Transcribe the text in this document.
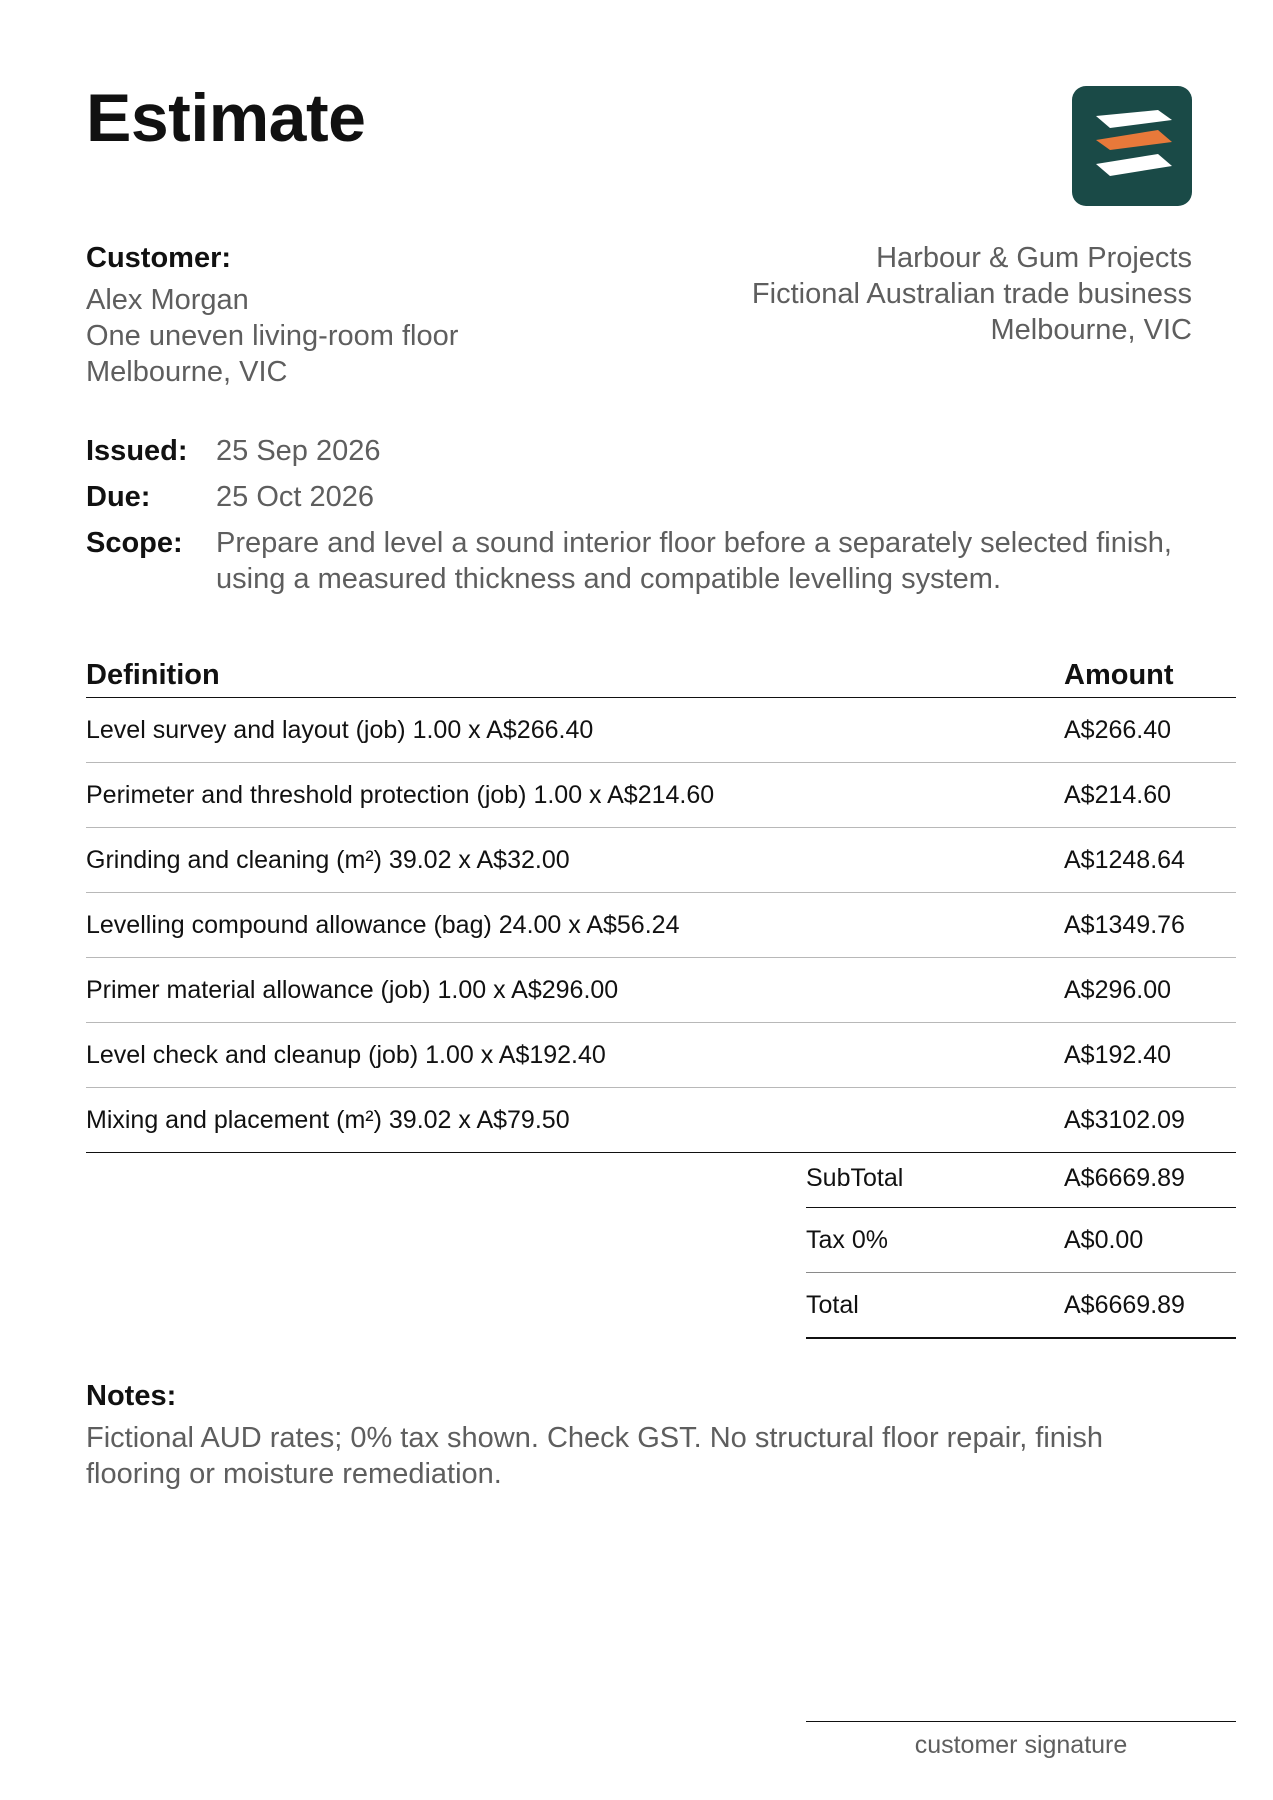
Estimate
Customer:
Alex Morgan
One uneven living-room floor
Melbourne, VIC
Harbour & Gum Projects
Fictional Australian trade business
Melbourne, VIC
Issued: 25 Sep 2026
Due:	25 Oct 2026
Scope:	Prepare and level a sound interior floor before a separately selected finish, using a measured thickness and compatible levelling system.
Definition	Amount
Level survey and layout (job) 1.00 x A$266.40	A$266.40
Perimeter and threshold protection (job) 1.00 x A$214.60	A$214.60
Grinding and cleaning (m²) 39.02 x A$32.00	A$1248.64
Levelling compound allowance (bag) 24.00 x A$56.24	A$1349.76
Primer material allowance (job) 1.00 x A$296.00	A$296.00
Level check and cleanup (job) 1.00 x A$192.40	A$192.40
Mixing and placement (m²) 39.02 x A$79.50	A$3102.09
SubTotal	A$6669.89
Tax 0%	A$0.00
Total	A$6669.89
Notes:
Fictional AUD rates; 0% tax shown. Check GST. No structural floor repair, finish flooring or moisture remediation.
customer signature
